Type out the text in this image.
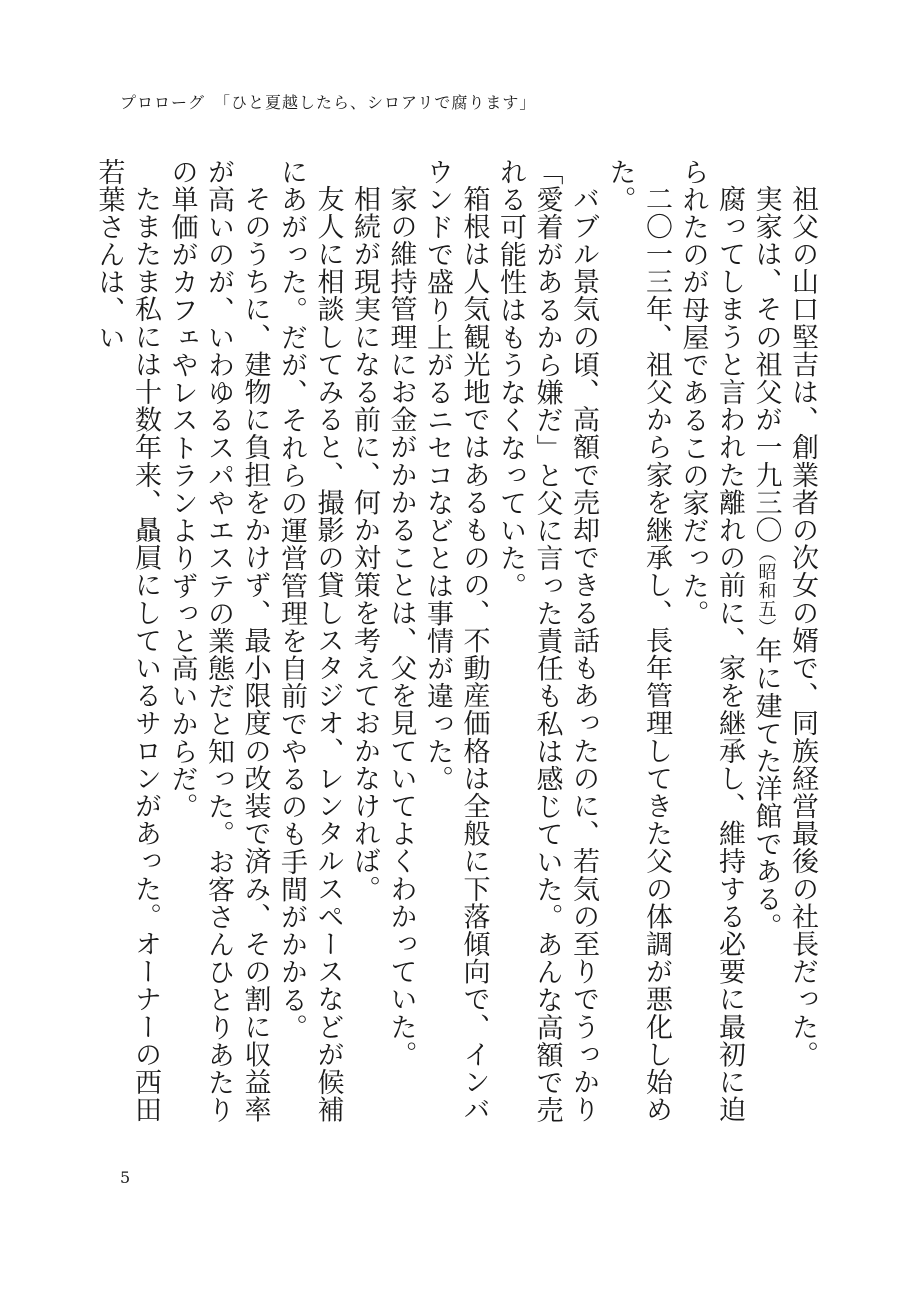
プロローグ　「ひと夏越したら、シロアリで腐ります」

祖父の山口堅吉は、創業者の次女の婿で、同族経営最後の社長だった。

実家は、その祖父が一九三〇（昭和五）年に建てた洋館である。

腐ってしまうと言われた離れの前に、家を継承し、維持する必要に最初に迫られたのが母屋であるこの家だった。

二〇一三年、祖父から家を継承し、長年管理してきた父の体調が悪化し始めた。

バブル景気の頃、高額で売却できる話もあったのに、若気の至りでうっかり「愛着があるから嫌だ」と父に言った責任も私は感じていた。あんな高額で売れる可能性はもうなくなっていた。

箱根は人気観光地ではあるものの、不動産価格は全般に下落傾向で、インバウンドで盛り上がるニセコなどとは事情が違った。

家の維持管理にお金がかかることは、父を見ていてよくわかっていた。

相続が現実になる前に、何か対策を考えておかなければ。

友人に相談してみると、撮影の貸しスタジオ、レンタルスペースなどが候補にあがった。だが、それらの運営管理を自前でやるのも手間がかかる。

そのうちに、建物に負担をかけず、最小限度の改装で済み、その割に収益率が高いのが、いわゆるスパやエステの業態だと知った。お客さんひとりあたりの単価がカフェやレストランよりずっと高いからだ。

たまたま私には十数年来、贔屓にしているサロンがあった。オーナーの西田若葉さんは、い

5
